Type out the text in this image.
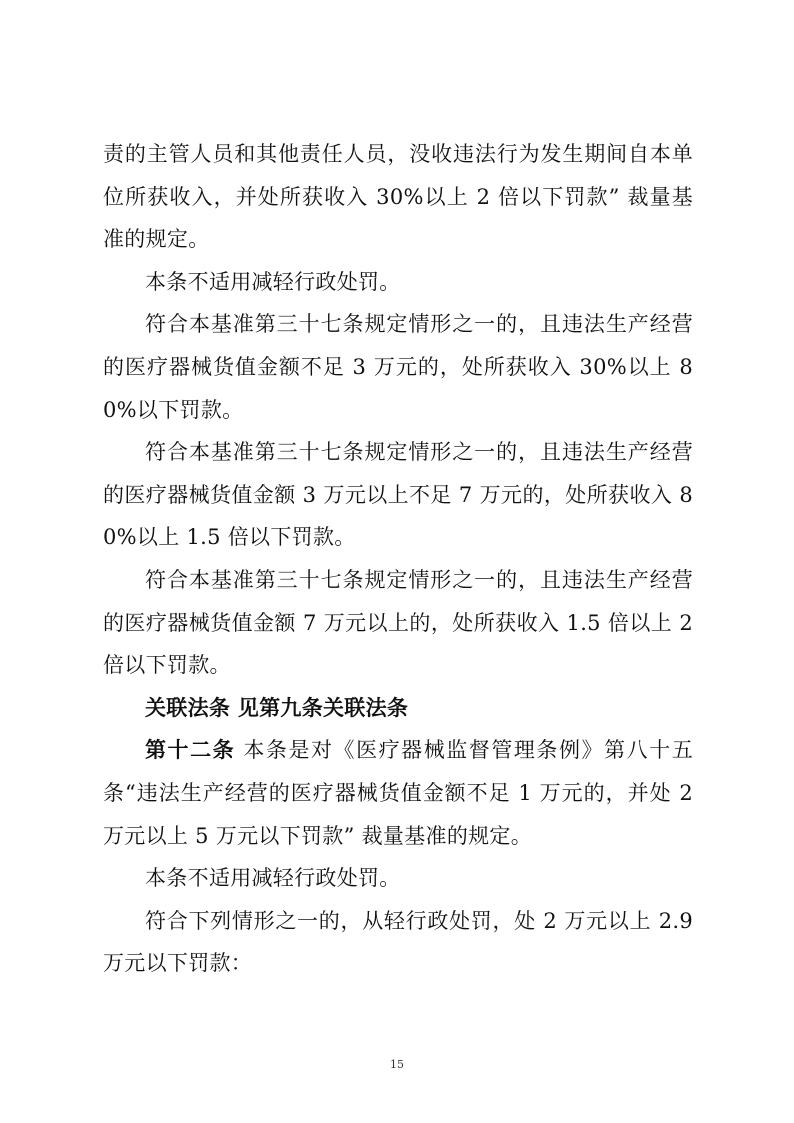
责的主管人员和其他责任人员，没收违法行为发生期间自本单位所获收入，并处所获收入 30%以上 2 倍以下罚款” 裁量基准的规定。

本条不适用减轻行政处罚。

符合本基准第三十七条规定情形之一的，且违法生产经营的医疗器械货值金额不足 3 万元的，处所获收入 30%以上 80%以下罚款。

符合本基准第三十七条规定情形之一的，且违法生产经营的医疗器械货值金额 3 万元以上不足 7 万元的，处所获收入 80%以上 1.5 倍以下罚款。

符合本基准第三十七条规定情形之一的，且违法生产经营的医疗器械货值金额 7 万元以上的，处所获收入 1.5 倍以上 2 倍以下罚款。

关联法条 见第九条关联法条

第十二条 本条是对《医疗器械监督管理条例》第八十五条“违法生产经营的医疗器械货值金额不足 1 万元的，并处 2 万元以上 5 万元以下罚款” 裁量基准的规定。

本条不适用减轻行政处罚。

符合下列情形之一的，从轻行政处罚，处 2 万元以上 2.9 万元以下罚款：

15
